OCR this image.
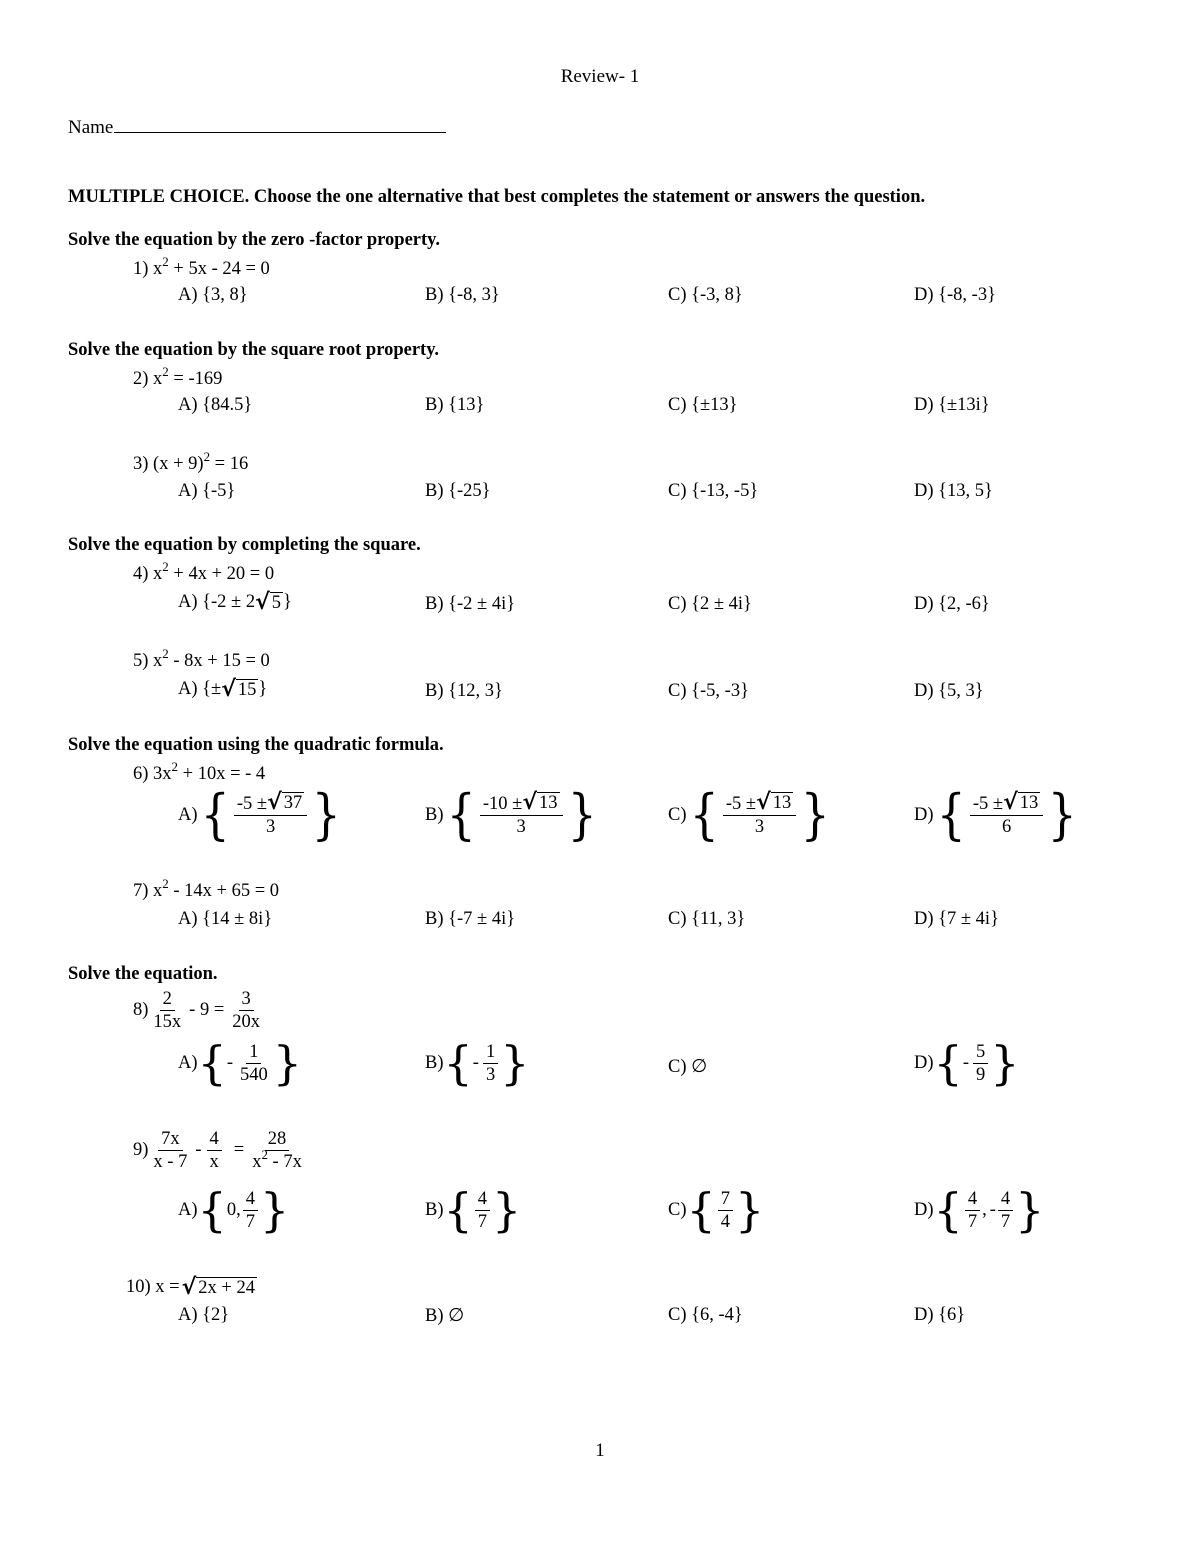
Review- 1
Name
MULTIPLE CHOICE. Choose the one alternative that best completes the statement or answers the question.
Solve the equation by the zero -factor property.
1) $x^2 + 5x - 24 = 0$
A) {3, 8}	B) {-8, 3}	C) {-3, 8}	D) {-8, -3}
Solve the equation by the square root property.
2) $x^2 = -169$
A) {84.5}	B) {13}	C) {±13}	D) {±13i}
3) $(x + 9)^2 = 16$
A) {-5}	B) {-25}	C) {-13, -5}	D) {13, 5}
Solve the equation by completing the square.
4) $x^2 + 4x + 20 = 0$
A) {-2 ± 2 √ 5 }	B) {-2 ± 4i}	C) {2 ± 4i}	D) {2, -6}
5) $x^2 - 8x + 15 = 0$
A) {± √ 15 }	B) {12, 3}	C) {-5, -3}	D) {5, 3}
Solve the equation using the quadratic formula.
6) $3x^2 + 10x$ = - 4
A) { $\frac{-5 \pm √ 37}{3}$ }	B) { $\frac{-10 \pm √ 13}{3}$ }	C) { $\frac{-5 \pm √ 13}{3}$ }	D) { $\frac{-5 \pm √ 13}{6}$ }
7) $x^2 - 14x + 65 = 0$
A) {14 ± 8i}	B) {-7 ± 4i}	C) {11, 3}	D) {7 ± 4i}
Solve the equation.
$8) \frac{2}{15x} - 9 = \frac{3}{20x}$
A) { - $\frac{1}{540}$ }	B) { - $\frac{1}{3}$ }	C) ∅	D) { - $\frac{5}{9}$ }
$9) \frac{7x}{x - 7} - \frac{4}{x} = \frac{28}{x^2 - 7x}$
A) { 0, $\frac{4}{7}$ }	B) { $\frac{4}{7}$ }	C) { $\frac{7}{4}$ }	D) { $\frac{4}{7}$ , - $\frac{4}{7}$ }
10)
x = √ 2x + 24
A) {2}	B) ∅	C) {6, -4}	D) {6}
1
